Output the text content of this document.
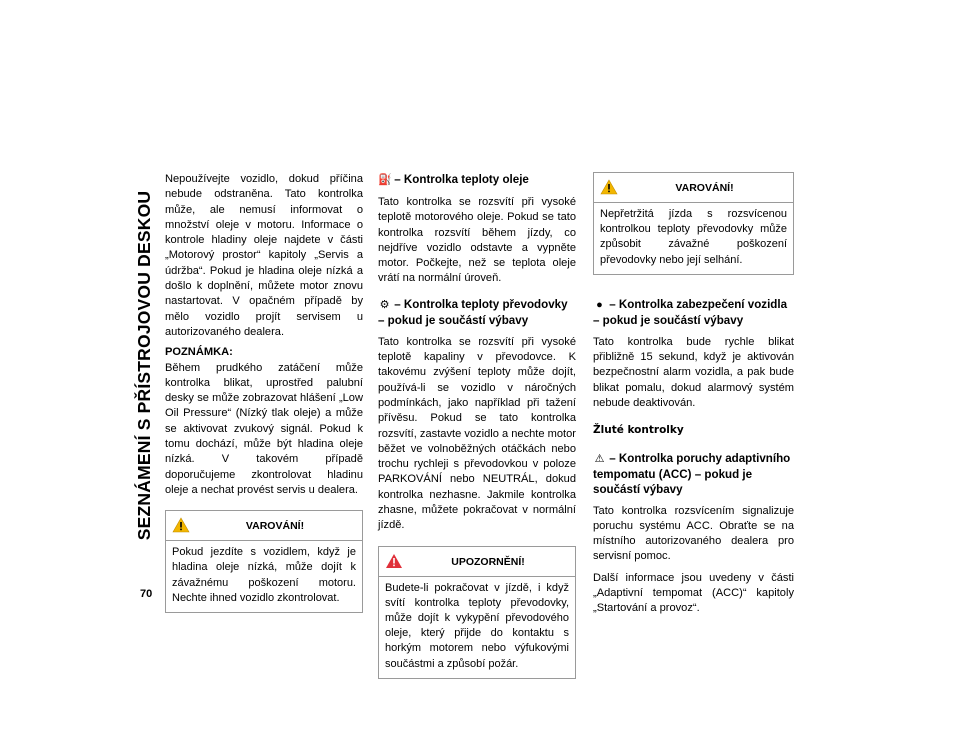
SEZNÁMENÍ S PŘÍSTROJOVOU DESKOU
70

Nepoužívejte vozidlo, dokud příčina nebude odstraněna. Tato kontrolka může, ale nemusí informovat o množství oleje v motoru. Informace o kontrole hladiny oleje najdete v části „Motorový prostor“ kapitoly „Servis a údržba“. Pokud je hladina oleje nízká a došlo k doplnění, můžete motor znovu nastartovat. V opačném případě by mělo vozidlo projít servisem u autorizovaného dealera.

POZNÁMKA:

Během prudkého zatáčení může kontrolka blikat, uprostřed palubní desky se může zobrazovat hlášení „Low Oil Pressure“ (Nízký tlak oleje) a může se aktivovat zvukový signál. Pokud k tomu dochází, může být hladina oleje nízká. V takovém případě doporučujeme zkontrolovat hladinu oleje a nechat provést servis u dealera.

VAROVÁNÍ!
Pokud jezdíte s vozidlem, když je hladina oleje nízká, může dojít k závažnému poškození motoru. Nechte ihned vozidlo zkontrolovat.
⛽ – Kontrolka teploty oleje

Tato kontrolka se rozsvítí při vysoké teplotě motorového oleje. Pokud se tato kontrolka rozsvítí během jízdy, co nejdříve vozidlo odstavte a vypněte motor. Počkejte, než se teplota oleje vrátí na normální úroveň.

⚙ – Kontrolka teploty převodovky – pokud je součástí výbavy

Tato kontrolka se rozsvítí při vysoké teplotě kapaliny v převodovce. K takovému zvýšení teploty může dojít, používá-li se vozidlo v náročných podmínkách, jako například při tažení přívěsu. Pokud se tato kontrolka rozsvítí, zastavte vozidlo a nechte motor běžet ve volnoběžných otáčkách nebo trochu rychleji s převodovkou v poloze PARKOVÁNÍ nebo NEUTRÁL, dokud kontrolka nezhasne. Jakmile kontrolka zhasne, můžete pokračovat v normální jízdě.

UPOZORNĚNÍ!
Budete-li pokračovat v jízdě, i když svítí kontrolka teploty převodovky, může dojít k vykypění převodového oleje, který přijde do kontaktu s horkým motorem nebo výfukovými součástmi a způsobí požár.
VAROVÁNÍ!
Nepřetržitá jízda s rozsvícenou kontrolkou teploty převodovky může způsobit závažné poškození převodovky nebo její selhání.
● – Kontrolka zabezpečení vozidla – pokud je součástí výbavy

Tato kontrolka bude rychle blikat přibližně 15 sekund, když je aktivován bezpečnostní alarm vozidla, a pak bude blikat pomalu, dokud alarmový systém nebude deaktivován.

Žluté kontrolky
⚠ – Kontrolka poruchy adaptivního tempomatu (ACC) – pokud je součástí výbavy

Tato kontrolka rozsvícením signalizuje poruchu systému ACC. Obraťte se na místního autorizovaného dealera pro servisní pomoc.

Další informace jsou uvedeny v části „Adaptivní tempomat (ACC)“ kapitoly „Startování a provoz“.
